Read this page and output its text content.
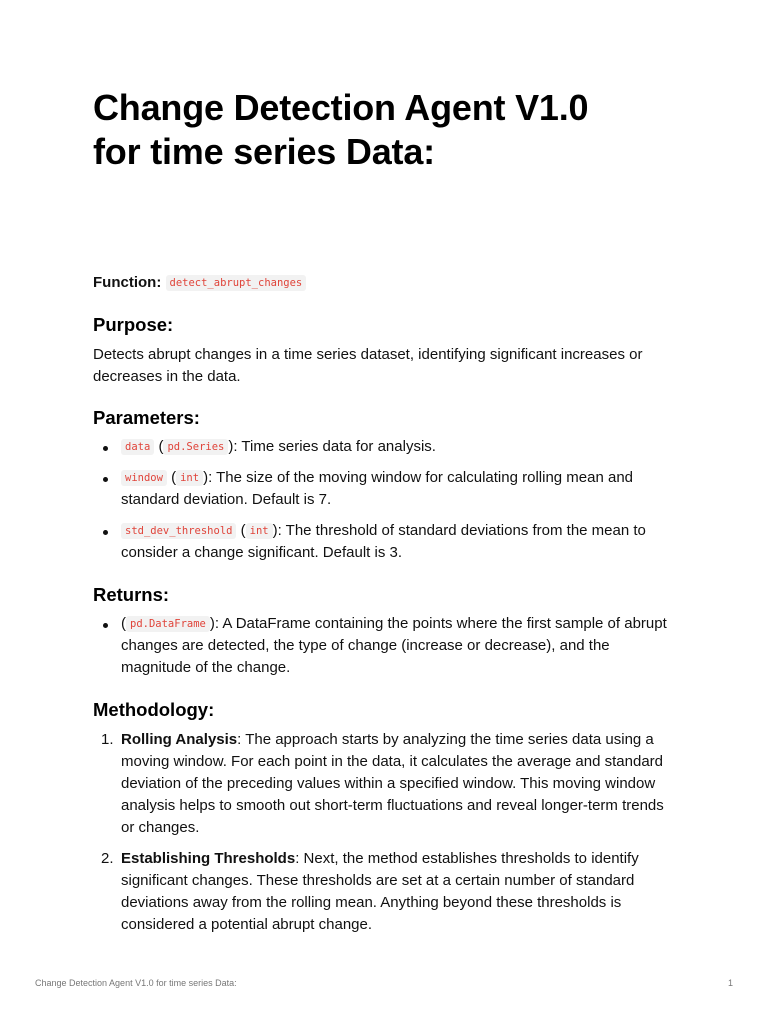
Change Detection Agent V1.0
for time series Data:
Function: detect_abrupt_changes
Purpose:

Detects abrupt changes in a time series dataset, identifying significant increases or decreases in the data.

Parameters:
data ( pd.Series ): Time series data for analysis.
window ( int ): The size of the moving window for calculating rolling mean and standard deviation. Default is 7.
std_dev_threshold ( int ): The threshold of standard deviations from the mean to consider a change significant. Default is 3.
Returns:
( pd.DataFrame ): A DataFrame containing the points where the first sample of abrupt changes are detected, the type of change (increase or decrease), and the magnitude of the change.
Methodology:
1. Rolling Analysis: The approach starts by analyzing the time series data using a moving window. For each point in the data, it calculates the average and standard deviation of the preceding values within a specified window. This moving window analysis helps to smooth out short-term fluctuations and reveal longer-term trends or changes.
2. Establishing Thresholds: Next, the method establishes thresholds to identify significant changes. These thresholds are set at a certain number of standard deviations away from the rolling mean. Anything beyond these thresholds is considered a potential abrupt change.
Change Detection Agent V1.0 for time series Data:	1
